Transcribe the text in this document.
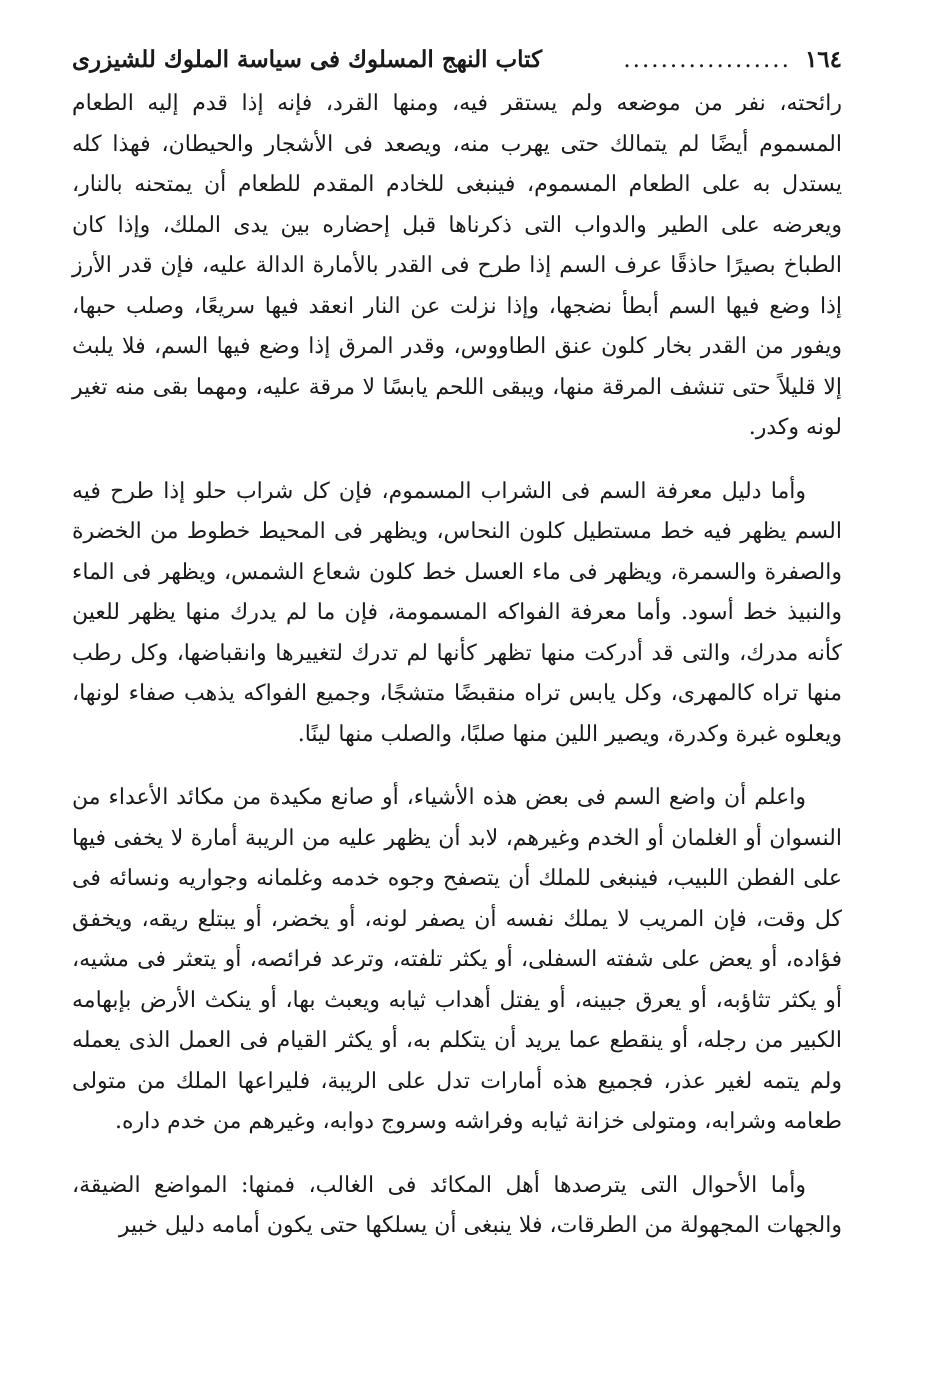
١٦٤
..................
كتاب النهج المسلوك فى سياسة الملوك للشيزرى

رائحته، نفر من موضعه ولم يستقر فيه، ومنها القرد، فإنه إذا قدم إليه الطعام المسموم أيضًا لم يتمالك حتى يهرب منه، ويصعد فى الأشجار والحيطان، فهذا كله يستدل به على الطعام المسموم، فينبغى للخادم المقدم للطعام أن يمتحنه بالنار، ويعرضه على الطير والدواب التى ذكرناها قبل إحضاره بين يدى الملك، وإذا كان الطباخ بصيرًا حاذقًا عرف السم إذا طرح فى القدر بالأمارة الدالة عليه، فإن قدر الأرز إذا وضع فيها السم أبطأ نضجها، وإذا نزلت عن النار انعقد فيها سريعًا، وصلب حبها، ويفور من القدر بخار كلون عنق الطاووس، وقدر المرق إذا وضع فيها السم، فلا يلبث إلا قليلاً حتى تنشف المرقة منها، ويبقى اللحم يابسًا لا مرقة عليه، ومهما بقى منه تغير لونه وكدر.

وأما دليل معرفة السم فى الشراب المسموم، فإن كل شراب حلو إذا طرح فيه السم يظهر فيه خط مستطيل كلون النحاس، ويظهر فى المحيط خطوط من الخضرة والصفرة والسمرة، ويظهر فى ماء العسل خط كلون شعاع الشمس، ويظهر فى الماء والنبيذ خط أسود. وأما معرفة الفواكه المسمومة، فإن ما لم يدرك منها يظهر للعين كأنه مدرك، والتى قد أدركت منها تظهر كأنها لم تدرك لتغييرها وانقباضها، وكل رطب منها تراه كالمهرى، وكل يابس تراه منقبضًا متشجًا، وجميع الفواكه يذهب صفاء لونها، ويعلوه غبرة وكدرة، ويصير اللين منها صلبًا، والصلب منها لينًا.

واعلم أن واضع السم فى بعض هذه الأشياء، أو صانع مكيدة من مكائد الأعداء من النسوان أو الغلمان أو الخدم وغيرهم، لابد أن يظهر عليه من الريبة أمارة لا يخفى فيها على الفطن اللبيب، فينبغى للملك أن يتصفح وجوه خدمه وغلمانه وجواريه ونسائه فى كل وقت، فإن المريب لا يملك نفسه أن يصفر لونه، أو يخضر، أو يبتلع ريقه، ويخفق فؤاده، أو يعض على شفته السفلى، أو يكثر تلفته، وترعد فرائصه، أو يتعثر فى مشيه، أو يكثر تثاؤبه، أو يعرق جبينه، أو يفتل أهداب ثيابه ويعبث بها، أو ينكث الأرض بإبهامه الكبير من رجله، أو ينقطع عما يريد أن يتكلم به، أو يكثر القيام فى العمل الذى يعمله ولم يتمه لغير عذر، فجميع هذه أمارات تدل على الريبة، فليراعها الملك من متولى طعامه وشرابه، ومتولى خزانة ثيابه وفراشه وسروج دوابه، وغيرهم من خدم داره.

وأما الأحوال التى يترصدها أهل المكائد فى الغالب، فمنها: المواضع الضيقة، والجهات المجهولة من الطرقات، فلا ينبغى أن يسلكها حتى يكون أمامه دليل خبير
